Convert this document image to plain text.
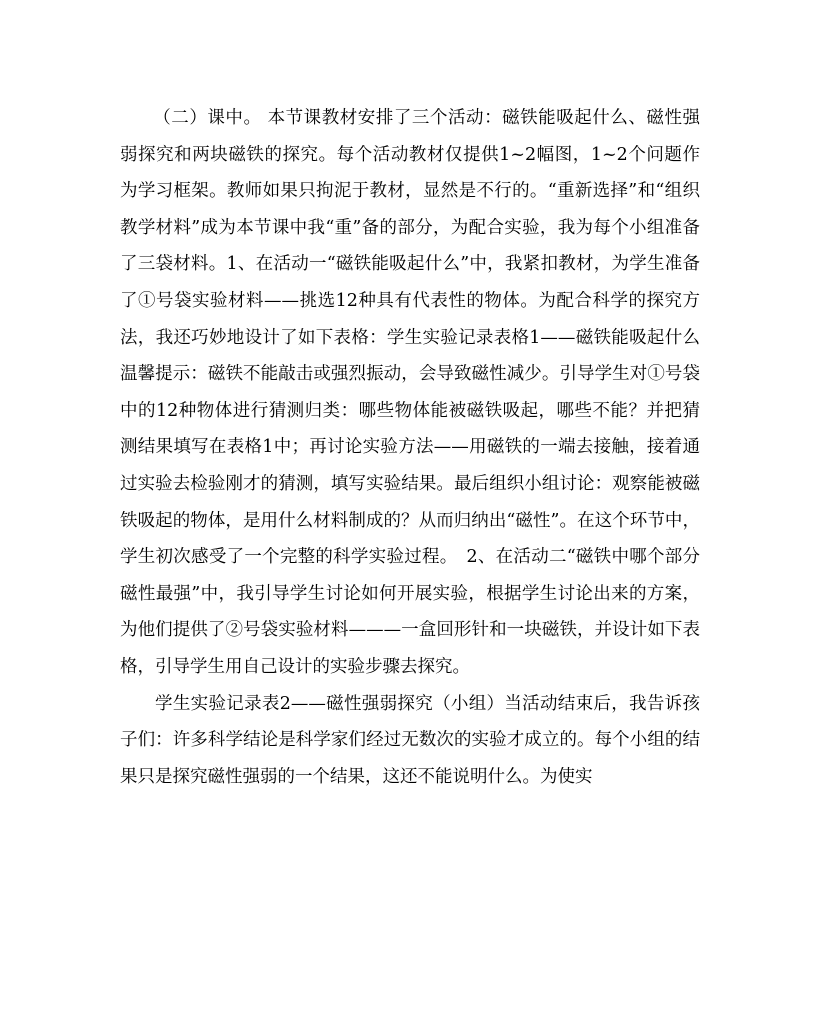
（二）课中。 本节课教材安排了三个活动：磁铁能吸起什么、磁性强弱探究和两块磁铁的探究。每个活动教材仅提供1~2幅图，1~2个问题作为学习框架。教师如果只拘泥于教材，显然是不行的。“重新选择”和“组织教学材料”成为本节课中我“重”备的部分，为配合实验，我为每个小组准备了三袋材料。1、在活动一“磁铁能吸起什么”中，我紧扣教材，为学生准备了①号袋实验材料——挑选12种具有代表性的物体。为配合科学的探究方法，我还巧妙地设计了如下表格：学生实验记录表格1——磁铁能吸起什么　温馨提示：磁铁不能敲击或强烈振动，会导致磁性减少。引导学生对①号袋中的12种物体进行猜测归类：哪些物体能被磁铁吸起，哪些不能？并把猜测结果填写在表格1中；再讨论实验方法——用磁铁的一端去接触，接着通过实验去检验刚才的猜测，填写实验结果。最后组织小组讨论：观察能被磁铁吸起的物体，是用什么材料制成的？从而归纳出“磁性”。在这个环节中，学生初次感受了一个完整的科学实验过程。　2、在活动二“磁铁中哪个部分磁性最强”中，我引导学生讨论如何开展实验，根据学生讨论出来的方案，为他们提供了②号袋实验材料———一盒回形针和一块磁铁，并设计如下表格，引导学生用自己设计的实验步骤去探究。

学生实验记录表2——磁性强弱探究（小组）当活动结束后，我告诉孩子们：许多科学结论是科学家们经过无数次的实验才成立的。每个小组的结果只是探究磁性强弱的一个结果，这还不能说明什么。为使实
